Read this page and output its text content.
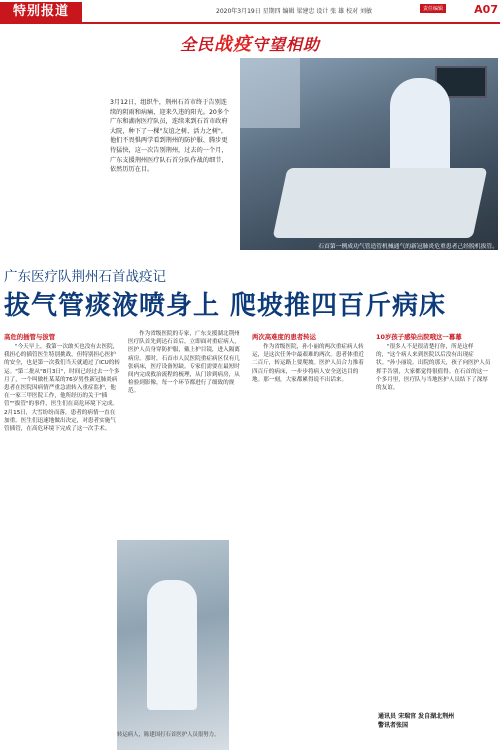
特别报道	2020年3月19日 星期四 编辑 梁建忠 设计 张 雄 校对 刘敏	责任编辑	A07
全民战疫守望相助
3月12日，组织牛，荆州石首市终于告别连续的阴雨和病痛，迎来久违的阳光。20多个广东和湖南医疗队员，连续来到石首市政府大院，种下了一棵"友谊之树、活力之树"，他们不畏惧两学看到荆州的防护服、腾步更待猛快，这一次告别荆州，过去的一个月，广东支援荆州医疗队石首分队作战的细节，依然历历在目。
石首第一例成功气管造管机械通气的新冠肺炎危重患者己经脱机拔管。
广东医疗队荆州石首战疫记
拔气管痰液喷身上 爬坡推四百斤病床
高危的插管与拔管

"今天早上，我第一次敢买也没有去医院，我担心的插管医生特别挑战，但特别担心医护的安全，也是第一次我们当天就通过了ICU的转运。"第二批从"8月3日"，时间已经过去一个多月了，一个叫做杜某某的76岁男性新冠肺炎病患者在医院因病情严重急需转入重症监护，他在一家三甲医院工作，他所经历的关于"插管""拔管"的事件，医生们在高危环境下完成。2月15日，大雪纷纷而落，患者的病情一直在加重。医生们迅速地做出决定，对患者实施气管插管，在高危环境下完成了这一次手术。

作为省级医院的专家，广东支援湖北荆州医疗队首先到达石首后，立即面对重症病人，医护人员身穿防护服，戴上护目镜，进入隔离病房。那时，石首市人民医院重症病区仅有几张病床，医疗设备短缺。专家们需要在最短时间内完成救治流程的梳理，从门诊到病房，从检验到影像，每一个环节都进行了细致的规范。

两次高难度的患者转运

作为省级医院，孙小丽的两次重症病人转运，是这次任务中最艰难的两次。患者体重近二百斤，转运路上要爬坡。医护人员合力推着四百斤的病床，一步步将病人安全送达目的地。那一刻，大家都累得说不出话来。

10岁孩子感染出院哦这一幕幕

"很多人不是很清楚打你，所是这样的，"这个病人来到医院以后没有出现症状。"孙小丽说。出院的那天，孩子向医护人员挥手告别，大家都觉得很值得。在石首的这一个多月里，医疗队与当地医护人员结下了深厚的友谊。

转运病人，陈建国打石首医护人员很努力。
通讯员 宋瑞官 发自湖北荆州
警讯者张国
